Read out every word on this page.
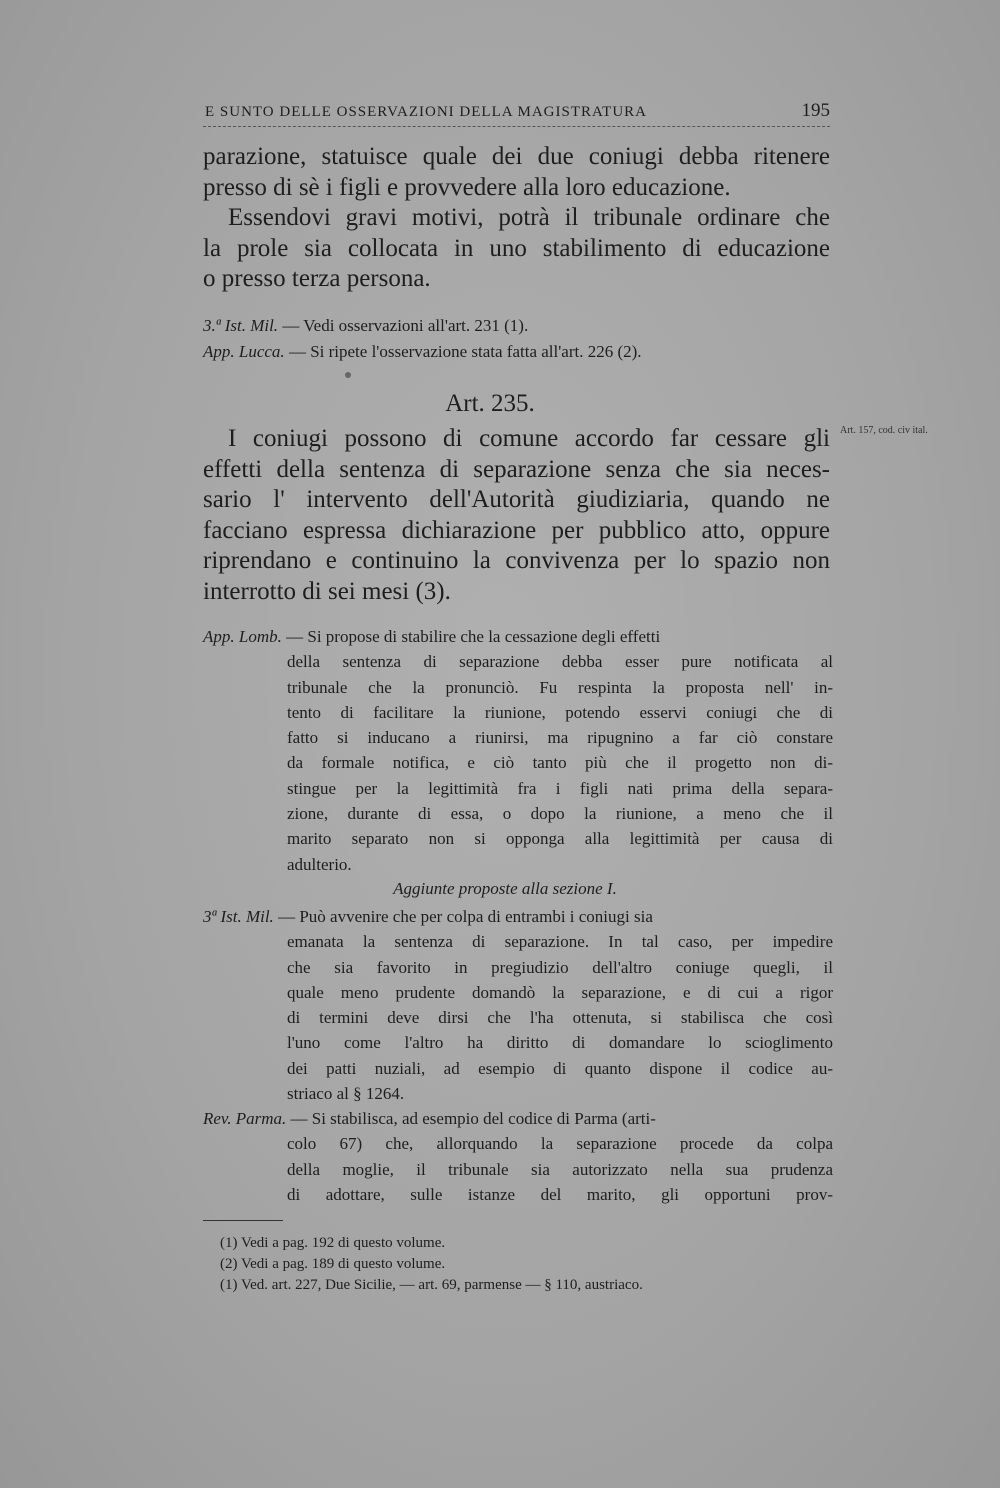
E SUNTO DELLE OSSERVAZIONI DELLA MAGISTRATURA	195
parazione, statuisce quale dei due coniugi debba ritenere
presso di sè i figli e provvedere alla loro educazione.
Essendovi gravi motivi, potrà il tribunale ordinare che
la prole sia collocata in uno stabilimento di educazione
o presso terza persona.
3.ª Ist. Mil. — Vedi osservazioni all'art. 231 (1).
App. Lucca. — Si ripete l'osservazione stata fatta all'art. 226 (2).
Art. 235.
I coniugi possono di comune accordo far cessare gli
effetti della sentenza di separazione senza che sia neces-
sario l' intervento dell'Autorità giudiziaria, quando ne
facciano espressa dichiarazione per pubblico atto, oppure
riprendano e continuino la convivenza per lo spazio non
interrotto di sei mesi (3).
Art. 157, cod. civ ital.
App. Lomb. — Si propose di stabilire che la cessazione degli effetti
della sentenza di separazione debba esser pure notificata al
tribunale che la pronunciò. Fu respinta la proposta nell' in-
tento di facilitare la riunione, potendo esservi coniugi che di
fatto si inducano a riunirsi, ma ripugnino a far ciò constare
da formale notifica, e ciò tanto più che il progetto non di-
stingue per la legittimità fra i figli nati prima della separa-
zione, durante di essa, o dopo la riunione, a meno che il
marito separato non si opponga alla legittimità per causa di
adulterio.
Aggiunte proposte alla sezione I.
3ª Ist. Mil. — Può avvenire che per colpa di entrambi i coniugi sia
emanata la sentenza di separazione. In tal caso, per impedire
che sia favorito in pregiudizio dell'altro coniuge quegli, il
quale meno prudente domandò la separazione, e di cui a rigor
di termini deve dirsi che l'ha ottenuta, si stabilisca che così
l'uno come l'altro ha diritto di domandare lo scioglimento
dei patti nuziali, ad esempio di quanto dispone il codice au-
striaco al § 1264.
Rev. Parma. — Si stabilisca, ad esempio del codice di Parma (arti-
colo 67) che, allorquando la separazione procede da colpa
della moglie, il tribunale sia autorizzato nella sua prudenza
di adottare, sulle istanze del marito, gli opportuni prov-
(1) Vedi a pag. 192 di questo volume.
(2) Vedi a pag. 189 di questo volume.
(1) Ved. art. 227, Due Sicilie, — art. 69, parmense — § 110, austriaco.
